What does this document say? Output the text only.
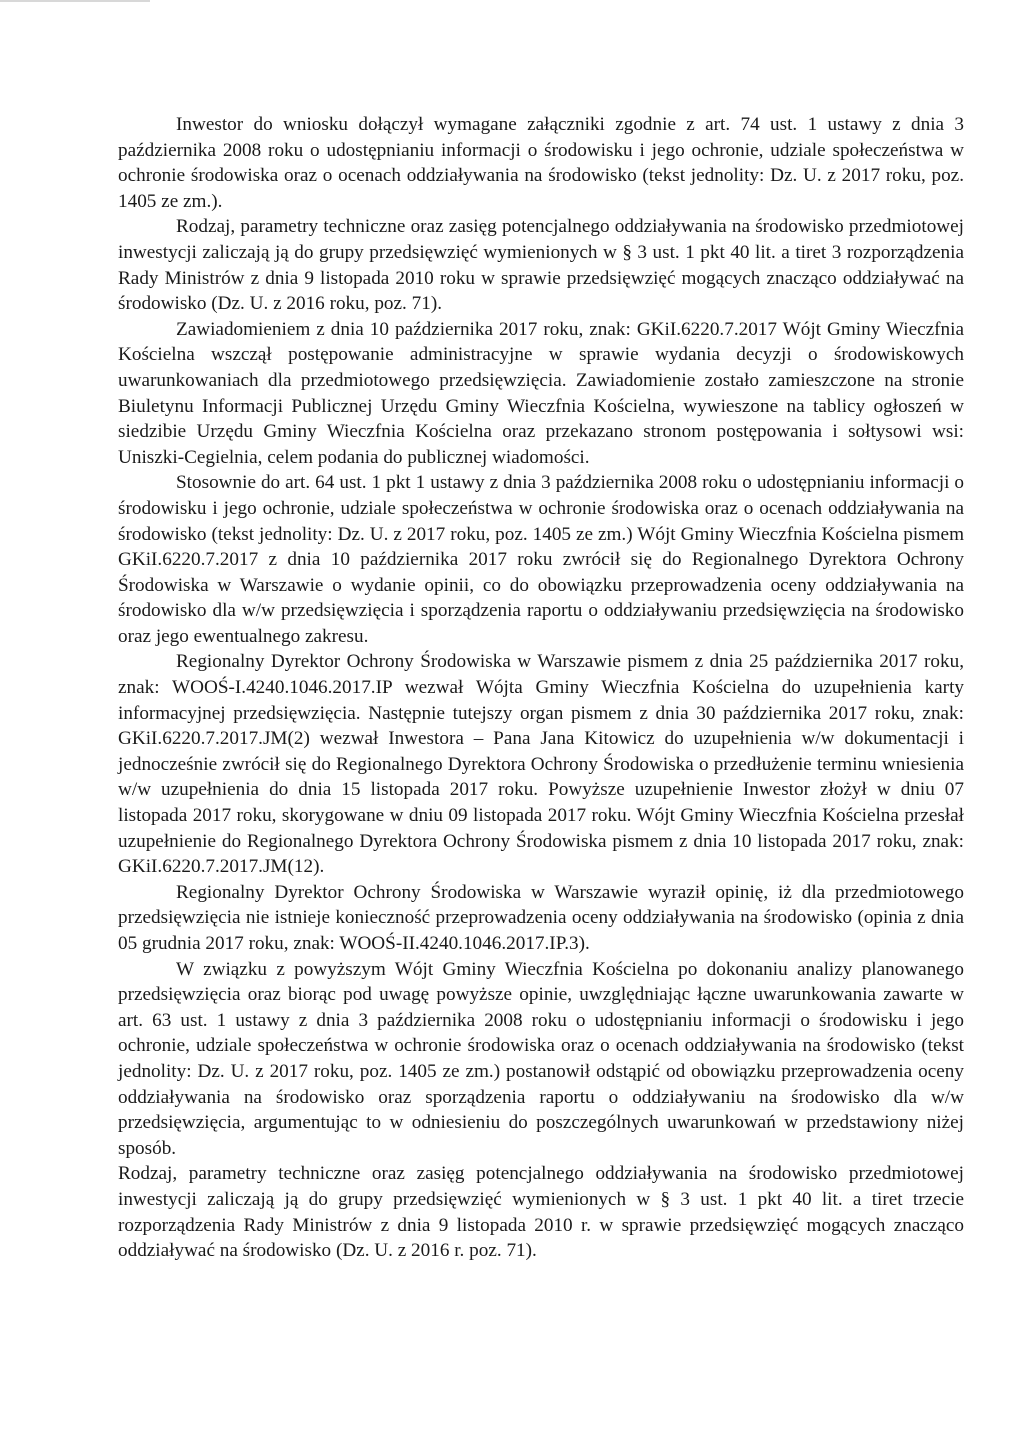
Inwestor do wniosku dołączył wymagane załączniki zgodnie z art. 74 ust. 1 ustawy z dnia 3 października 2008 roku o udostępnianiu informacji o środowisku i jego ochronie, udziale społeczeństwa w ochronie środowiska oraz o ocenach oddziaływania na środowisko (tekst jednolity: Dz. U. z 2017 roku, poz. 1405 ze zm.).

Rodzaj, parametry techniczne oraz zasięg potencjalnego oddziaływania na środowisko przedmiotowej inwestycji zaliczają ją do grupy przedsięwzięć wymienionych w § 3 ust. 1 pkt 40 lit. a tiret 3 rozporządzenia Rady Ministrów z dnia 9 listopada 2010 roku w sprawie przedsięwzięć mogących znacząco oddziaływać na środowisko (Dz. U. z 2016 roku, poz. 71).

Zawiadomieniem z dnia 10 października 2017 roku, znak: GKiI.6220.7.2017 Wójt Gminy Wieczfnia Kościelna wszczął postępowanie administracyjne w sprawie wydania decyzji o środowiskowych uwarunkowaniach dla przedmiotowego przedsięwzięcia. Zawiadomienie zostało zamieszczone na stronie Biuletynu Informacji Publicznej Urzędu Gminy Wieczfnia Kościelna, wywieszone na tablicy ogłoszeń w siedzibie Urzędu Gminy Wieczfnia Kościelna oraz przekazano stronom postępowania i sołtysowi wsi: Uniszki-Cegielnia, celem podania do publicznej wiadomości.

Stosownie do art. 64 ust. 1 pkt 1 ustawy z dnia 3 października 2008 roku o udostępnianiu informacji o środowisku i jego ochronie, udziale społeczeństwa w ochronie środowiska oraz o ocenach oddziaływania na środowisko (tekst jednolity: Dz. U. z 2017 roku, poz. 1405 ze zm.) Wójt Gminy Wieczfnia Kościelna pismem GKiI.6220.7.2017 z dnia 10 października 2017 roku zwrócił się do Regionalnego Dyrektora Ochrony Środowiska w Warszawie o wydanie opinii, co do obowiązku przeprowadzenia oceny oddziaływania na środowisko dla w/w przedsięwzięcia i sporządzenia raportu o oddziaływaniu przedsięwzięcia na środowisko oraz jego ewentualnego zakresu.

Regionalny Dyrektor Ochrony Środowiska w Warszawie pismem z dnia 25 października 2017 roku, znak: WOOŚ-I.4240.1046.2017.IP wezwał Wójta Gminy Wieczfnia Kościelna do uzupełnienia karty informacyjnej przedsięwzięcia. Następnie tutejszy organ pismem z dnia 30 października 2017 roku, znak: GKiI.6220.7.2017.JM(2) wezwał Inwestora – Pana Jana Kitowicz do uzupełnienia w/w dokumentacji i jednocześnie zwrócił się do Regionalnego Dyrektora Ochrony Środowiska o przedłużenie terminu wniesienia w/w uzupełnienia do dnia 15 listopada 2017 roku. Powyższe uzupełnienie Inwestor złożył w dniu 07 listopada 2017 roku, skorygowane w dniu 09 listopada 2017 roku. Wójt Gminy Wieczfnia Kościelna przesłał uzupełnienie do Regionalnego Dyrektora Ochrony Środowiska pismem z dnia 10 listopada 2017 roku, znak: GKiI.6220.7.2017.JM(12).

Regionalny Dyrektor Ochrony Środowiska w Warszawie wyraził opinię, iż dla przedmiotowego przedsięwzięcia nie istnieje konieczność przeprowadzenia oceny oddziaływania na środowisko (opinia z dnia 05 grudnia 2017 roku, znak: WOOŚ-II.4240.1046.2017.IP.3).

W związku z powyższym Wójt Gminy Wieczfnia Kościelna po dokonaniu analizy planowanego przedsięwzięcia oraz biorąc pod uwagę powyższe opinie, uwzględniając łączne uwarunkowania zawarte w art. 63 ust. 1 ustawy z dnia 3 października 2008 roku o udostępnianiu informacji o środowisku i jego ochronie, udziale społeczeństwa w ochronie środowiska oraz o ocenach oddziaływania na środowisko (tekst jednolity: Dz. U. z 2017 roku, poz. 1405 ze zm.) postanowił odstąpić od obowiązku przeprowadzenia oceny oddziaływania na środowisko oraz sporządzenia raportu o oddziaływaniu na środowisko dla w/w przedsięwzięcia, argumentując to w odniesieniu do poszczególnych uwarunkowań w przedstawiony niżej sposób.

Rodzaj, parametry techniczne oraz zasięg potencjalnego oddziaływania na środowisko przedmiotowej inwestycji zaliczają ją do grupy przedsięwzięć wymienionych w § 3 ust. 1 pkt 40 lit. a tiret trzecie rozporządzenia Rady Ministrów z dnia 9 listopada 2010 r. w sprawie przedsięwzięć mogących znacząco oddziaływać na środowisko (Dz. U. z 2016 r. poz. 71).
